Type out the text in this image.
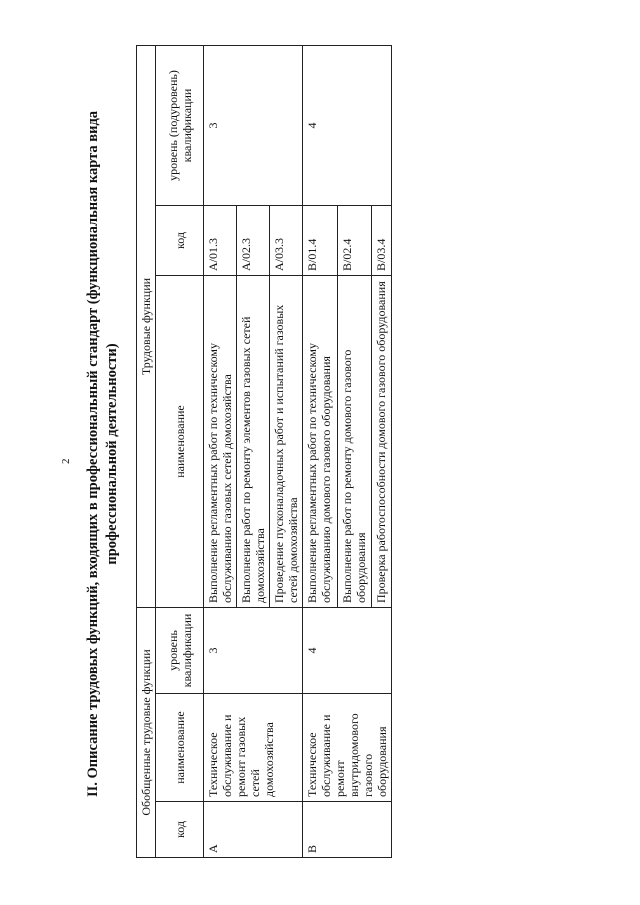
2 II. Описание трудовых функций, входящих в профессиональный стандарт (функциональная карта вида профессиональной деятельности)
Обобщенные трудовые функции			Трудовые функции		
код	наименование	уровень квалификации	наименование	код	уровень (подуровень) квалификации
A	Техническое обслуживание и ремонт газовых сетей домохозяйства	3	Выполнение регламентных работ по техническому обслуживанию газовых сетей домохозяйства	A/01.3	3
			Выполнение работ по ремонту элементов газовых сетей домохозяйства	A/02.3	
			Проведение пусконаладочных работ и испытаний газовых сетей домохозяйства	A/03.3	
B	Техническое обслуживание и ремонт внутридомового газового оборудования	4	Выполнение регламентных работ по техническому обслуживанию домового газового оборудования	B/01.4	4
			Выполнение работ по ремонту домового газового оборудования	B/02.4	
			Проверка работоспособности домового газового оборудования	B/03.4	
